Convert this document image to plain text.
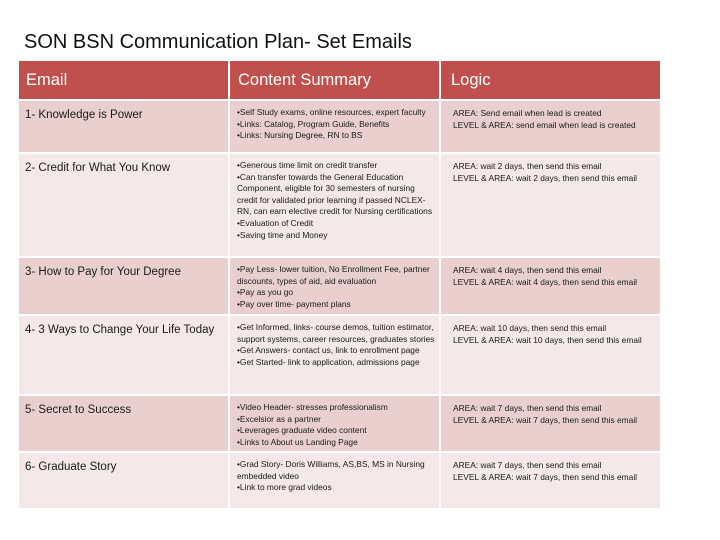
SON BSN Communication Plan- Set Emails
Email	Content Summary	Logic
1- Knowledge is Power	•Self Study exams, online resources, expert faculty
•Links: Catalog, Program Guide, Benefits
•Links: Nursing Degree, RN to BS	AREA: Send email when lead is created
LEVEL & AREA: send email when lead is created

2- Credit for What You Know	•Generous time limit on credit transfer
•Can transfer towards the General Education Component, eligible for 30 semesters of nursing credit for validated prior learning if passed NCLEX-RN, can earn elective credit for Nursing certifications
•Evaluation of Credit
•Saving time and Money	AREA: wait 2 days, then send this email
LEVEL & AREA: wait 2 days, then send this email

3- How to Pay for Your Degree	•Pay Less- lower tuition, No Enrollment Fee, partner discounts, types of aid, aid evaluation
•Pay as you go
•Pay over time- payment plans	AREA: wait 4 days, then send this email
LEVEL & AREA: wait 4 days, then send this email

4- 3 Ways to Change Your Life Today	•Get Informed, links- course demos, tuition estimator, support systems, career resources, graduates stories
•Get Answers- contact us, link to enrollment page
•Get Started- link to application, admissions page	AREA: wait 10 days, then send this email
LEVEL & AREA: wait 10 days, then send this email

5- Secret to Success	•Video Header- stresses professionalism
•Excelsior as a partner
•Leverages graduate video content
•Links to About us Landing Page	AREA: wait 7 days, then send this email
LEVEL & AREA: wait 7 days, then send this email

6- Graduate Story	•Grad Story- Doris Williams, AS,BS, MS in Nursing embedded video
•Link to more grad videos	AREA: wait 7 days, then send this email
LEVEL & AREA: wait 7 days, then send this email
